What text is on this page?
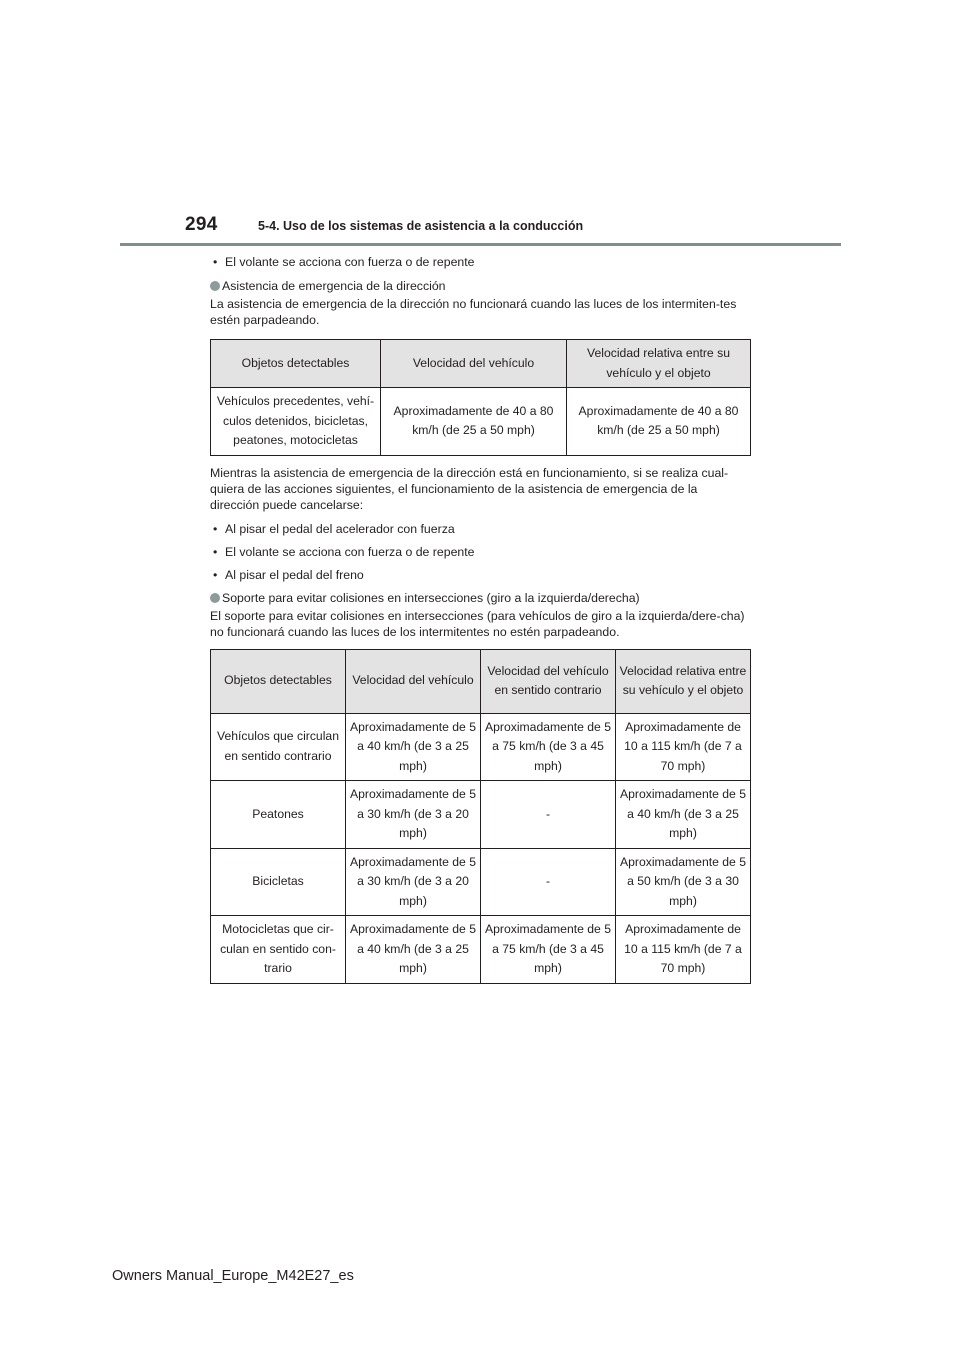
294	5-4. Uso de los sistemas de asistencia a la conducción

• El volante se acciona con fuerza o de repente

Asistencia de emergencia de la dirección

La asistencia de emergencia de la dirección no funcionará cuando las luces de los intermiten-tes estén parpadeando.

Objetos detectables	Velocidad del vehículo	Velocidad relativa entre su vehículo y el objeto
Vehículos precedentes, vehí-culos detenidos, bicicletas, peatones, motocicletas	Aproximadamente de 40 a 80 km/h (de 25 a 50 mph)	Aproximadamente de 40 a 80 km/h (de 25 a 50 mph)

Mientras la asistencia de emergencia de la dirección está en funcionamiento, si se realiza cual-quiera de las acciones siguientes, el funcionamiento de la asistencia de emergencia de la dirección puede cancelarse:

• Al pisar el pedal del acelerador con fuerza

• El volante se acciona con fuerza o de repente

• Al pisar el pedal del freno

Soporte para evitar colisiones en intersecciones (giro a la izquierda/derecha)

El soporte para evitar colisiones en intersecciones (para vehículos de giro a la izquierda/dere-cha) no funcionará cuando las luces de los intermitentes no estén parpadeando.

Objetos detectables	Velocidad del vehículo	Velocidad del vehículo en sentido contrario	Velocidad relativa entre su vehículo y el objeto
Vehículos que circulan en sentido contrario	Aproximadamente de 5 a 40 km/h (de 3 a 25 mph)	Aproximadamente de 5 a 75 km/h (de 3 a 45 mph)	Aproximadamente de 10 a 115 km/h (de 7 a 70 mph)
Peatones	Aproximadamente de 5 a 30 km/h (de 3 a 20 mph)	-	Aproximadamente de 5 a 40 km/h (de 3 a 25 mph)
Bicicletas	Aproximadamente de 5 a 30 km/h (de 3 a 20 mph)	-	Aproximadamente de 5 a 50 km/h (de 3 a 30 mph)
Motocicletas que cir-culan en sentido con-trario	Aproximadamente de 5 a 40 km/h (de 3 a 25 mph)	Aproximadamente de 5 a 75 km/h (de 3 a 45 mph)	Aproximadamente de 10 a 115 km/h (de 7 a 70 mph)
Owners Manual_Europe_M42E27_es
